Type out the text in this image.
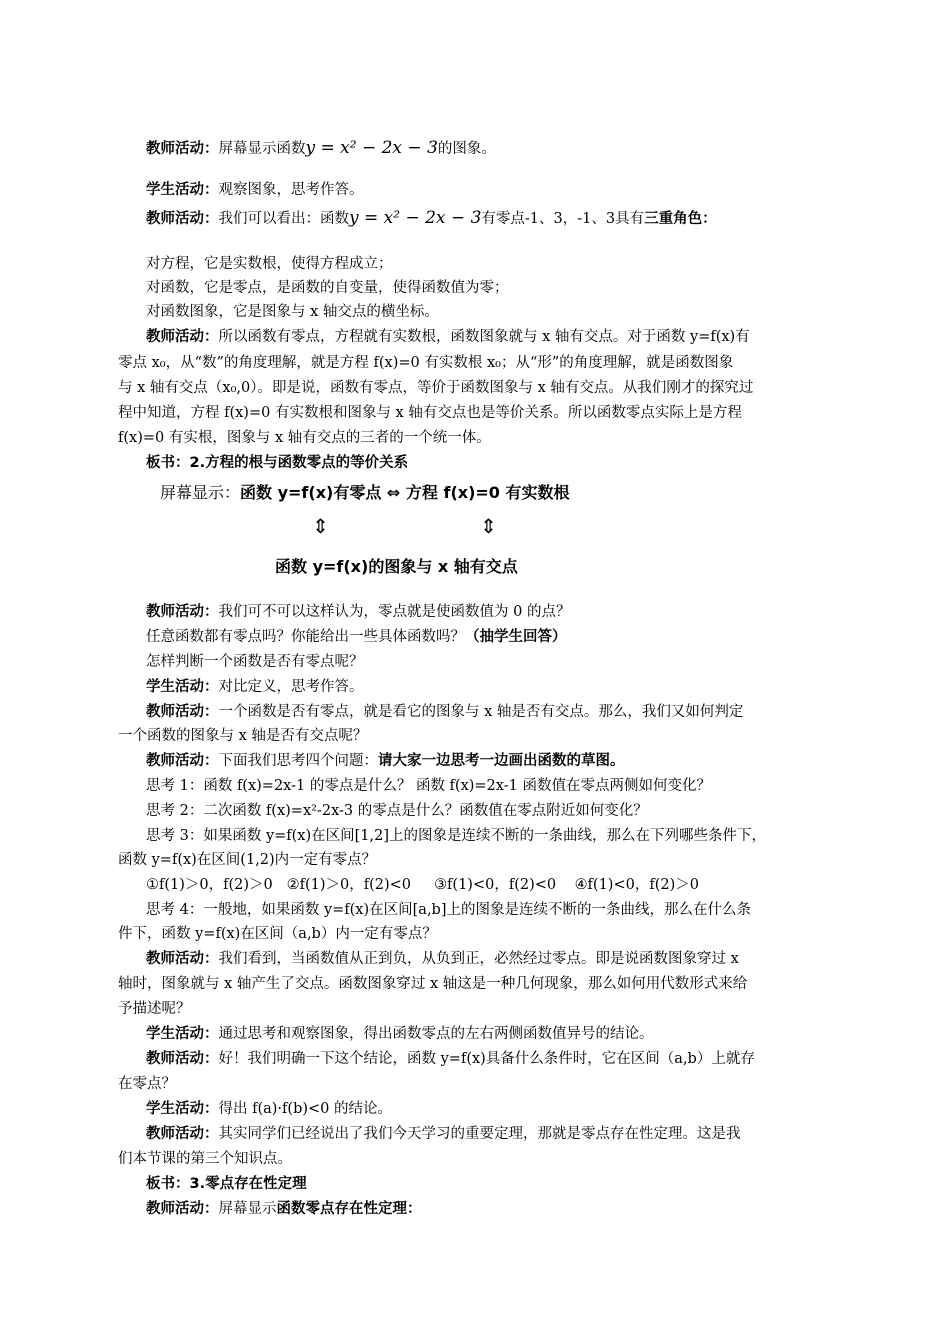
教师活动：屏幕显示函数y = x² − 2x − 3的图象。
学生活动：观察图象，思考作答。
教师活动：我们可以看出：函数y = x² − 2x − 3有零点-1、3，-1、3具有三重角色：
对方程，它是实数根，使得方程成立；
对函数，它是零点，是函数的自变量，使得函数值为零；
对函数图象，它是图象与 x 轴交点的横坐标。
教师活动：所以函数有零点，方程就有实数根，函数图象就与 x 轴有交点。对于函数 y=f(x)有
零点 x₀，从“数”的角度理解，就是方程 f(x)=0 有实数根 x₀；从“形”的角度理解，就是函数图象
与 x 轴有交点（x₀,0）。即是说，函数有零点，等价于函数图象与 x 轴有交点。从我们刚才的探究过
程中知道，方程 f(x)=0 有实数根和图象与 x 轴有交点也是等价关系。所以函数零点实际上是方程
f(x)=0 有实根，图象与 x 轴有交点的三者的一个统一体。
板书：2.方程的根与函数零点的等价关系
屏幕显示：函数 y=f(x)有零点 ⇔ 方程 f(x)=0 有实数根
⇕	⇕
函数 y=f(x)的图象与 x 轴有交点
教师活动：我们可不可以这样认为，零点就是使函数值为 0 的点？
任意函数都有零点吗？你能给出一些具体函数吗？（抽学生回答）
怎样判断一个函数是否有零点呢？
学生活动：对比定义，思考作答。
教师活动：一个函数是否有零点，就是看它的图象与 x 轴是否有交点。那么，我们又如何判定
一个函数的图象与 x 轴是否有交点呢？
教师活动：下面我们思考四个问题：请大家一边思考一边画出函数的草图。
思考 1：函数 f(x)=2x-1 的零点是什么？ 函数 f(x)=2x-1 函数值在零点两侧如何变化？
思考 2：二次函数 f(x)=x²-2x-3 的零点是什么？函数值在零点附近如何变化？
思考 3：如果函数 y=f(x)在区间[1,2]上的图象是连续不断的一条曲线，那么在下列哪些条件下，
函数 y=f(x)在区间(1,2)内一定有零点？
①f(1)＞0，f(2)＞0 ②f(1)＞0，f(2)<0 ③f(1)<0，f(2)<0 ④f(1)<0，f(2)＞0
思考 4：一般地，如果函数 y=f(x)在区间[a,b]上的图象是连续不断的一条曲线，那么在什么条
件下，函数 y=f(x)在区间（a,b）内一定有零点？
教师活动：我们看到，当函数值从正到负，从负到正，必然经过零点。即是说函数图象穿过 x
轴时，图象就与 x 轴产生了交点。函数图象穿过 x 轴这是一种几何现象，那么如何用代数形式来给
予描述呢？
学生活动：通过思考和观察图象，得出函数零点的左右两侧函数值异号的结论。
教师活动：好！我们明确一下这个结论，函数 y=f(x)具备什么条件时，它在区间（a,b）上就存
在零点？
学生活动：得出 f(a)·f(b)<0 的结论。
教师活动：其实同学们已经说出了我们今天学习的重要定理，那就是零点存在性定理。这是我
们本节课的第三个知识点。
板书：3.零点存在性定理
教师活动：屏幕显示函数零点存在性定理：
